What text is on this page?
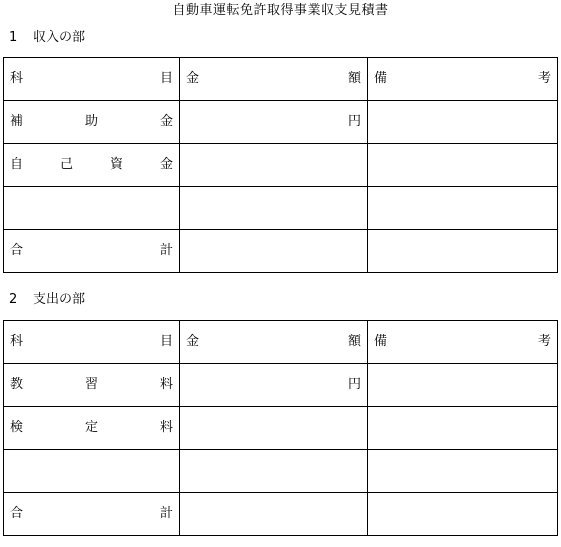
自動車運転免許取得事業収支見積書
1 収入の部
科 目	金 額	備 考

補 助 金	円	

自 己 資 金		

合 計		

2 支出の部
科 目	金 額	備 考

教 習 料	円	

検 定 料		

合 計		
